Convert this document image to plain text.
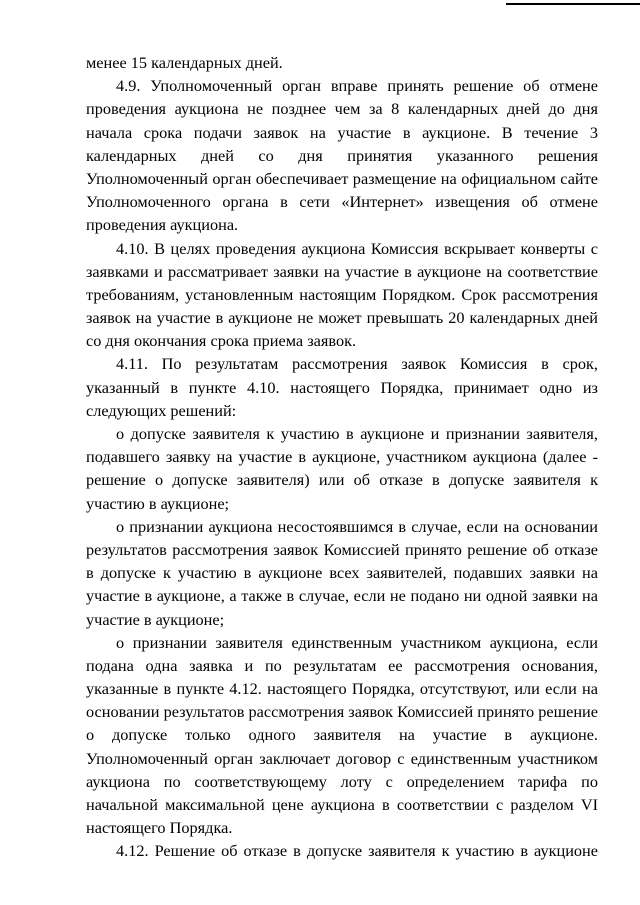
менее 15 календарных дней.
4.9. Уполномоченный орган вправе принять решение об отмене
проведения аукциона не позднее чем за 8 календарных дней до дня
начала срока подачи заявок на участие в аукционе. В течение 3
календарных дней со дня принятия указанного решения
Уполномоченный орган обеспечивает размещение на официальном сайте
Уполномоченного органа в сети «Интернет» извещения об отмене
проведения аукциона.
4.10. В целях проведения аукциона Комиссия вскрывает конверты с
заявками и рассматривает заявки на участие в аукционе на соответствие
требованиям, установленным настоящим Порядком. Срок рассмотрения
заявок на участие в аукционе не может превышать 20 календарных дней
со дня окончания срока приема заявок.
4.11. По результатам рассмотрения заявок Комиссия в срок,
указанный в пункте 4.10. настоящего Порядка, принимает одно из
следующих решений:
о допуске заявителя к участию в аукционе и признании заявителя,
подавшего заявку на участие в аукционе, участником аукциона (далее -
решение о допуске заявителя) или об отказе в допуске заявителя к
участию в аукционе;
о признании аукциона несостоявшимся в случае, если на основании
результатов рассмотрения заявок Комиссией принято решение об отказе
в допуске к участию в аукционе всех заявителей, подавших заявки на
участие в аукционе, а также в случае, если не подано ни одной заявки на
участие в аукционе;
о признании заявителя единственным участником аукциона, если
подана одна заявка и по результатам ее рассмотрения основания,
указанные в пункте 4.12. настоящего Порядка, отсутствуют, или если на
основании результатов рассмотрения заявок Комиссией принято решение
о допуске только одного заявителя на участие в аукционе.
Уполномоченный орган заключает договор с единственным участником
аукциона по соответствующему лоту с определением тарифа по
начальной максимальной цене аукциона в соответствии с разделом VI
настоящего Порядка.
4.12. Решение об отказе в допуске заявителя к участию в аукционе
